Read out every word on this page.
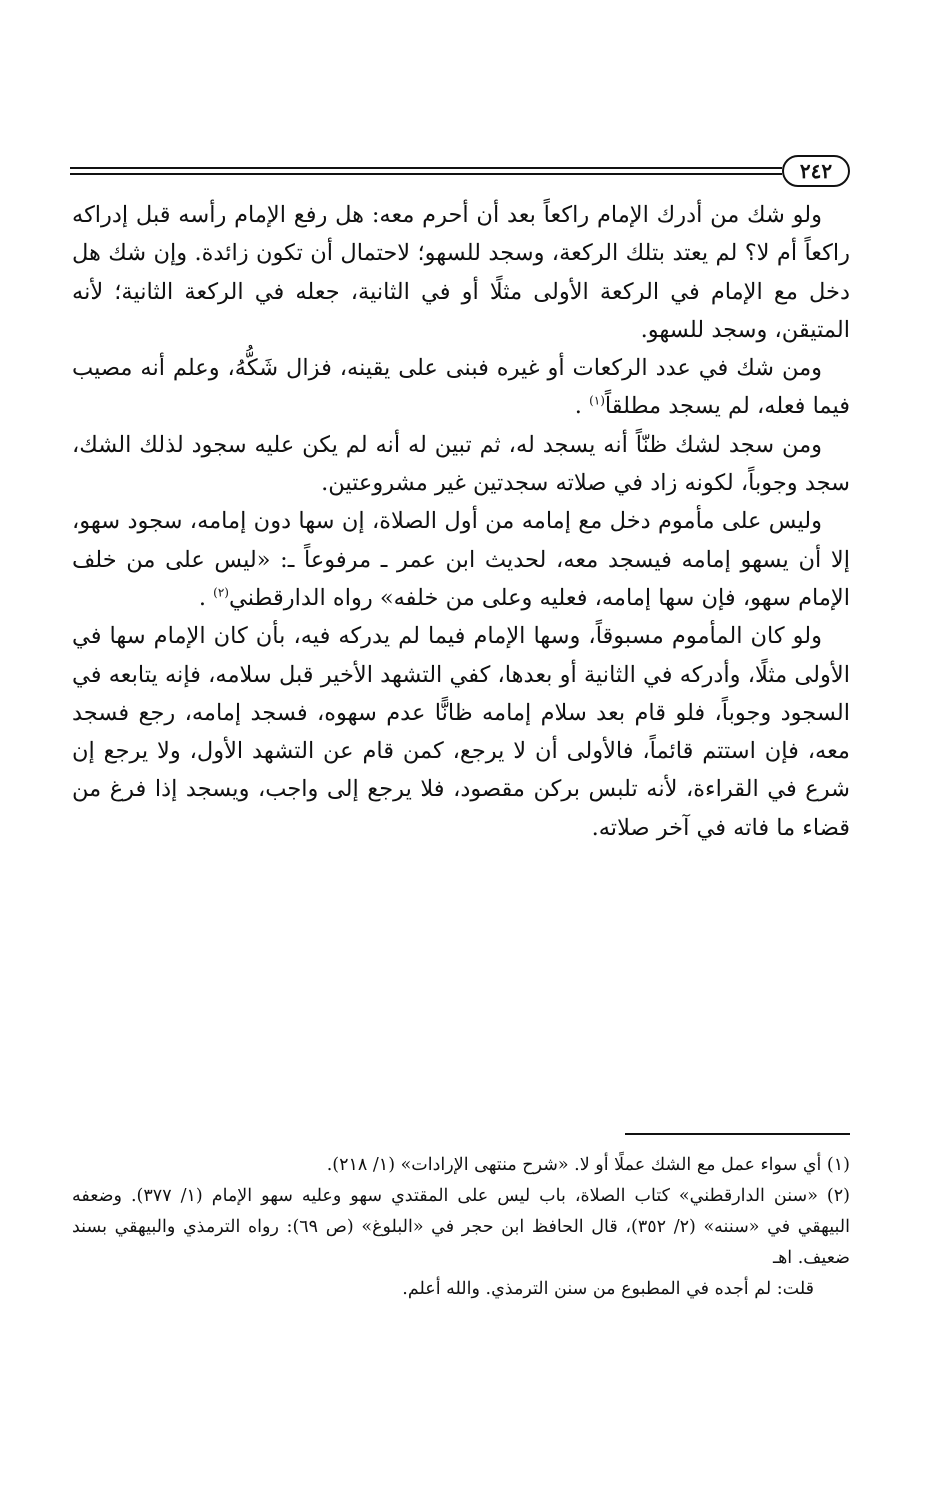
٢٤٢

ولو شك من أدرك الإمام راكعاً بعد أن أحرم معه: هل رفع الإمام رأسه قبل إدراكه راكعاً أم لا؟ لم يعتد بتلك الركعة، وسجد للسهو؛ لاحتمال أن تكون زائدة. وإن شك هل دخل مع الإمام في الركعة الأولى مثلًا أو في الثانية، جعله في الركعة الثانية؛ لأنه المتيقن، وسجد للسهو.

ومن شك في عدد الركعات أو غيره فبنى على يقينه، فزال شَكُّهُ، وعلم أنه مصيب فيما فعله، لم يسجد مطلقاً$^{(١)}$ .

ومن سجد لشك ظنّاً أنه يسجد له، ثم تبين له أنه لم يكن عليه سجود لذلك الشك، سجد وجوباً، لكونه زاد في صلاته سجدتين غير مشروعتين.

وليس على مأموم دخل مع إمامه من أول الصلاة، إن سها دون إمامه، سجود سهو، إلا أن يسهو إمامه فيسجد معه، لحديث ابن عمر ـ مرفوعاً ـ: «ليس على من خلف الإمام سهو، فإن سها إمامه، فعليه وعلى من خلفه» رواه الدارقطني$^{(٢)}$ .

ولو كان المأموم مسبوقاً، وسها الإمام فيما لم يدركه فيه، بأن كان الإمام سها في الأولى مثلًا، وأدركه في الثانية أو بعدها، كفي التشهد الأخير قبل سلامه، فإنه يتابعه في السجود وجوباً، فلو قام بعد سلام إمامه ظانًّا عدم سهوه، فسجد إمامه، رجع فسجد معه، فإن استتم قائماً، فالأولى أن لا يرجع، كمن قام عن التشهد الأول، ولا يرجع إن شرع في القراءة، لأنه تلبس بركن مقصود، فلا يرجع إلى واجب، ويسجد إذا فرغ من قضاء ما فاته في آخر صلاته.

(١) أي سواء عمل مع الشك عملًا أو لا. «شرح منتهى الإرادات» (١/ ٢١٨).

(٢) «سنن الدارقطني» كتاب الصلاة، باب ليس على المقتدي سهو وعليه سهو الإمام (١/ ٣٧٧). وضعفه البيهقي في «سننه» (٢/ ٣٥٢)، قال الحافظ ابن حجر في «البلوغ» (ص ٦٩): رواه الترمذي والبيهقي بسند ضعيف. اهـ

قلت: لم أجده في المطبوع من سنن الترمذي. والله أعلم.
